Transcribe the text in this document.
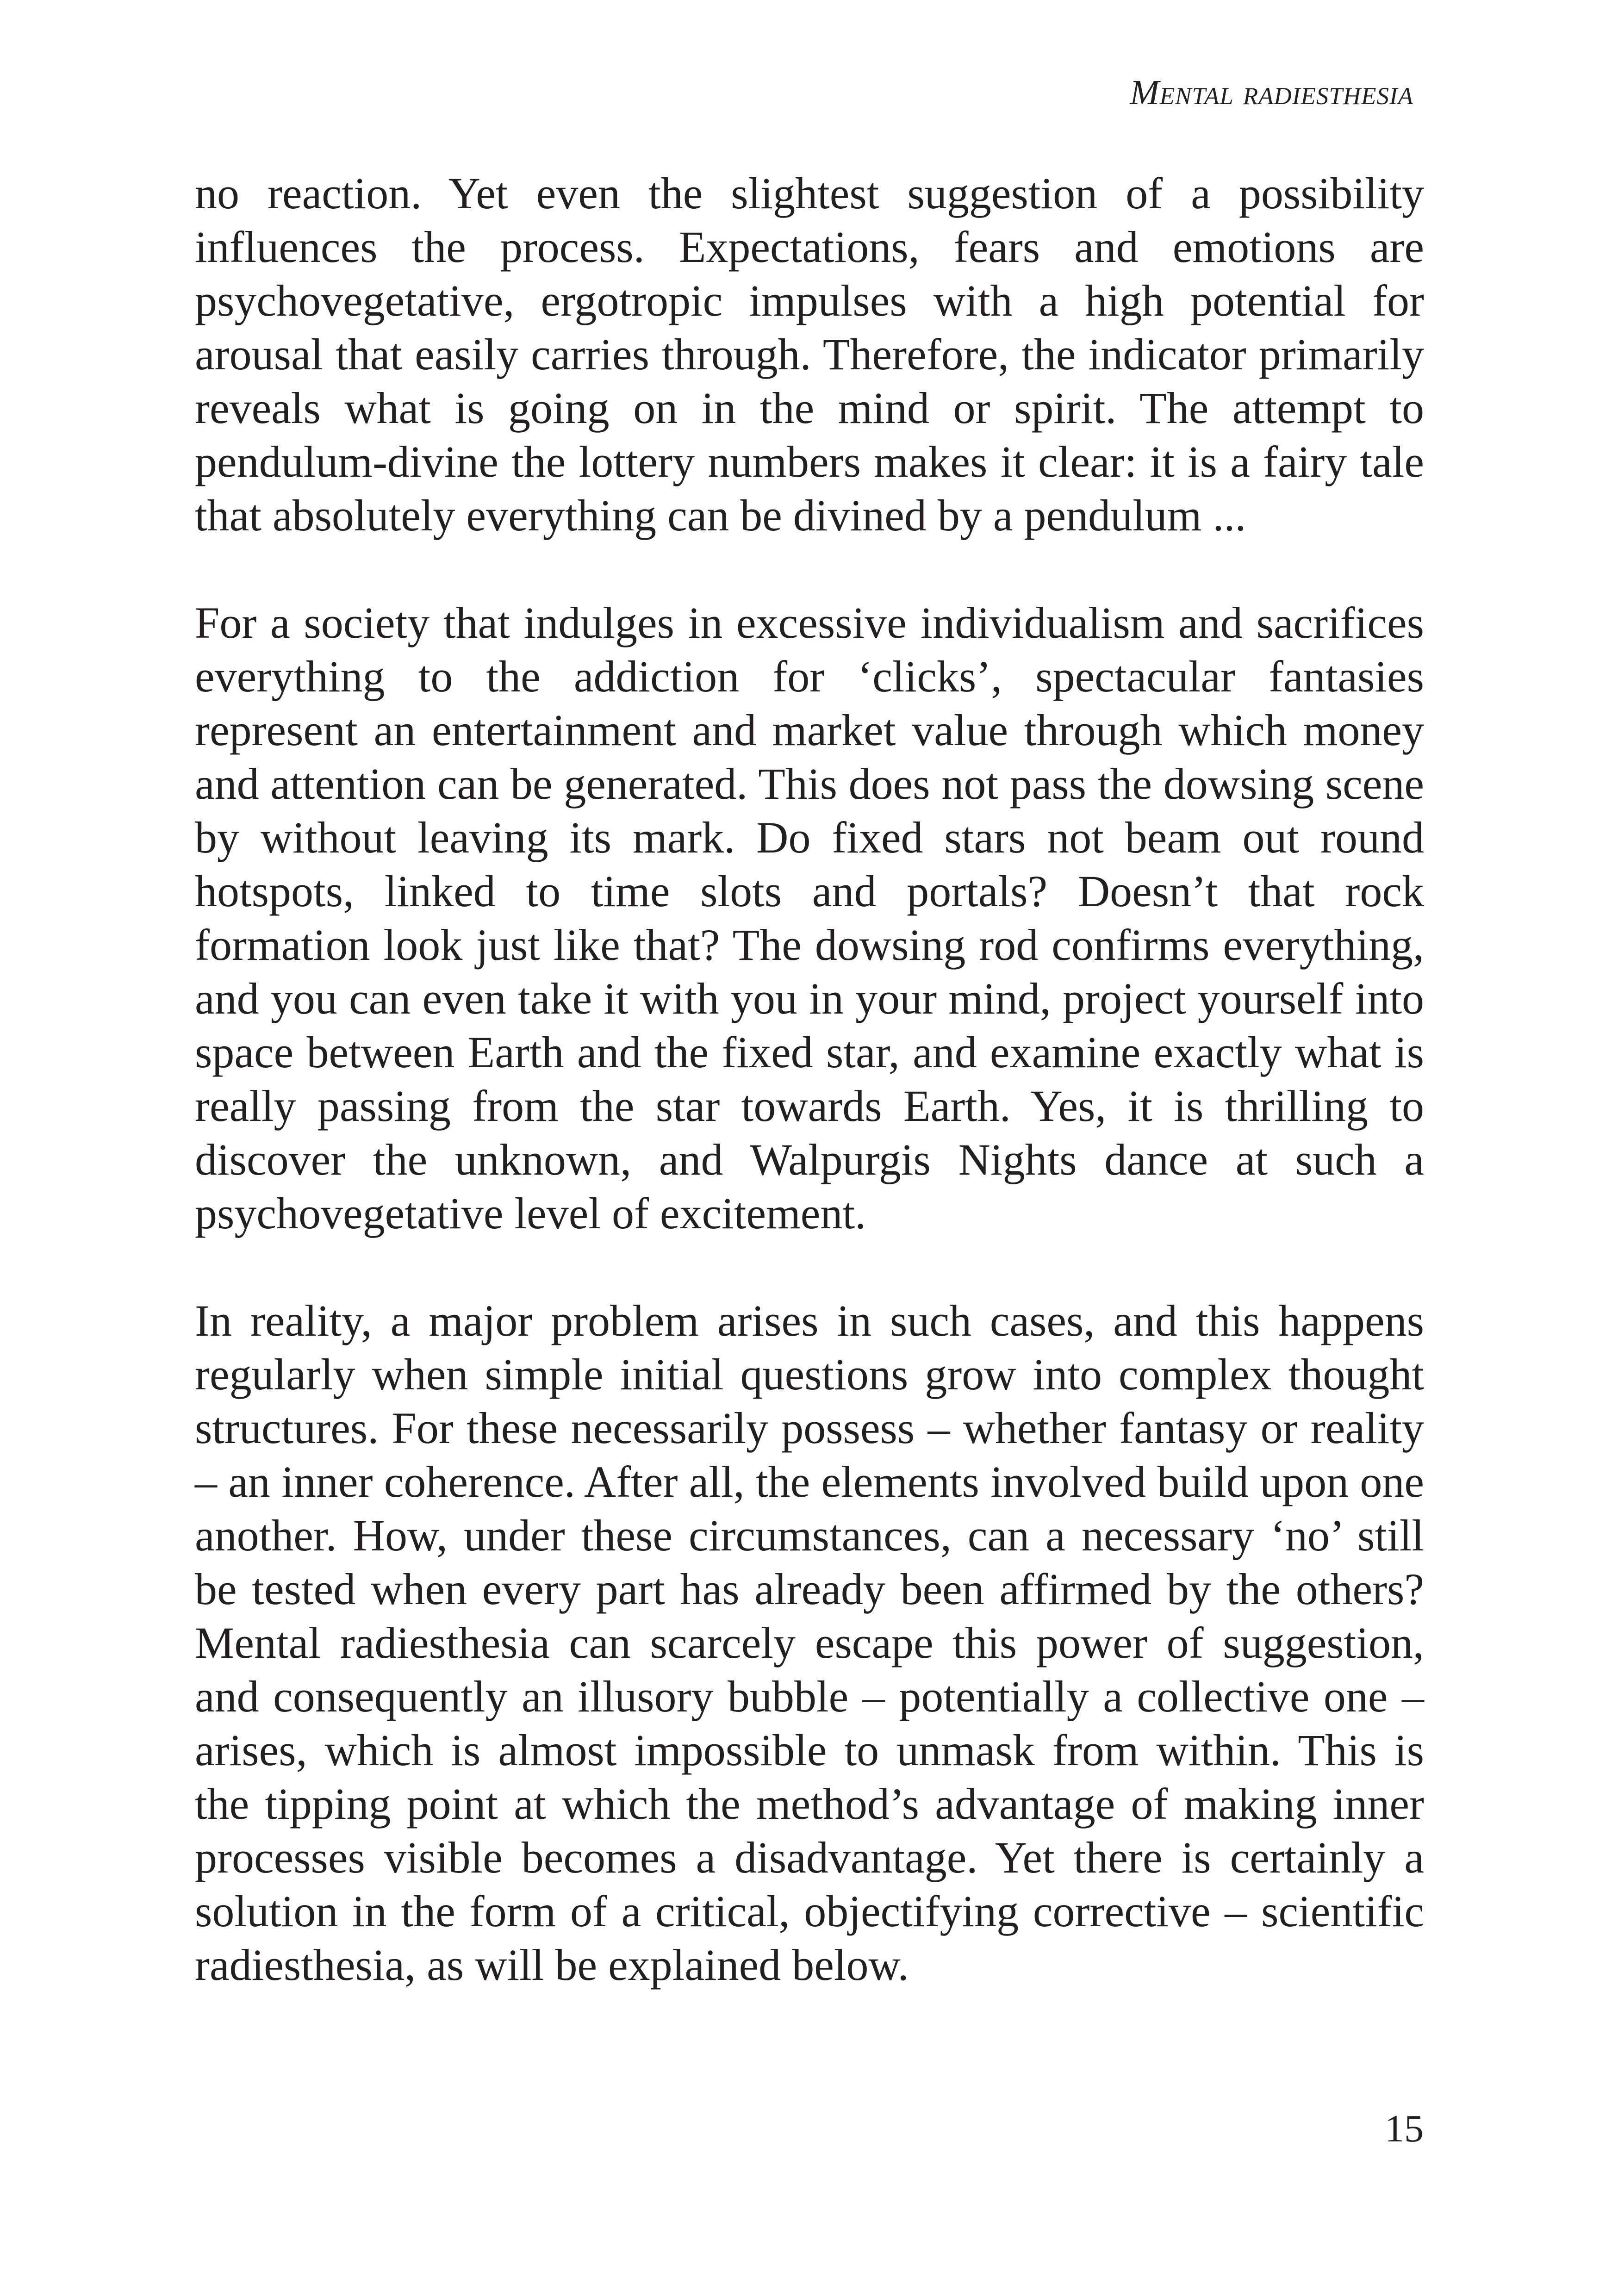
Mental radiesthesia

no reaction. Yet even the slightest suggestion of a possibility influences the process. Expectations, fears and emotions are psychovegetative, ergotropic impulses with a high potential for arousal that easily carries through. Therefore, the indicator primarily reveals what is going on in the mind or spirit. The attempt to pendulum-divine the lottery numbers makes it clear: it is a fairy tale that absolutely everything can be divined by a pendulum ...

For a society that indulges in excessive individualism and sacrifices everything to the addiction for ‘clicks’, spectacular fantasies represent an entertainment and market value through which money and attention can be generated. This does not pass the dowsing scene by without leaving its mark. Do fixed stars not beam out round hotspots, linked to time slots and portals? Doesn’t that rock formation look just like that? The dowsing rod confirms everything, and you can even take it with you in your mind, project yourself into space between Earth and the fixed star, and examine exactly what is really passing from the star towards Earth. Yes, it is thrilling to discover the unknown, and Walpurgis Nights dance at such a psychovegetative level of excitement.

In reality, a major problem arises in such cases, and this happens regularly when simple initial questions grow into complex thought structures. For these necessarily possess – whether fantasy or reality – an inner coherence. After all, the elements involved build upon one another. How, under these circumstances, can a necessary ‘no’ still be tested when every part has already been affirmed by the others? Mental radiesthesia can scarcely escape this power of suggestion, and consequently an illusory bubble – potentially a collective one – arises, which is almost impossible to unmask from within. This is the tipping point at which the method’s advantage of making inner processes visible becomes a disadvantage. Yet there is certainly a solution in the form of a critical, objectifying corrective – scientific radiesthesia, as will be explained below.

15
